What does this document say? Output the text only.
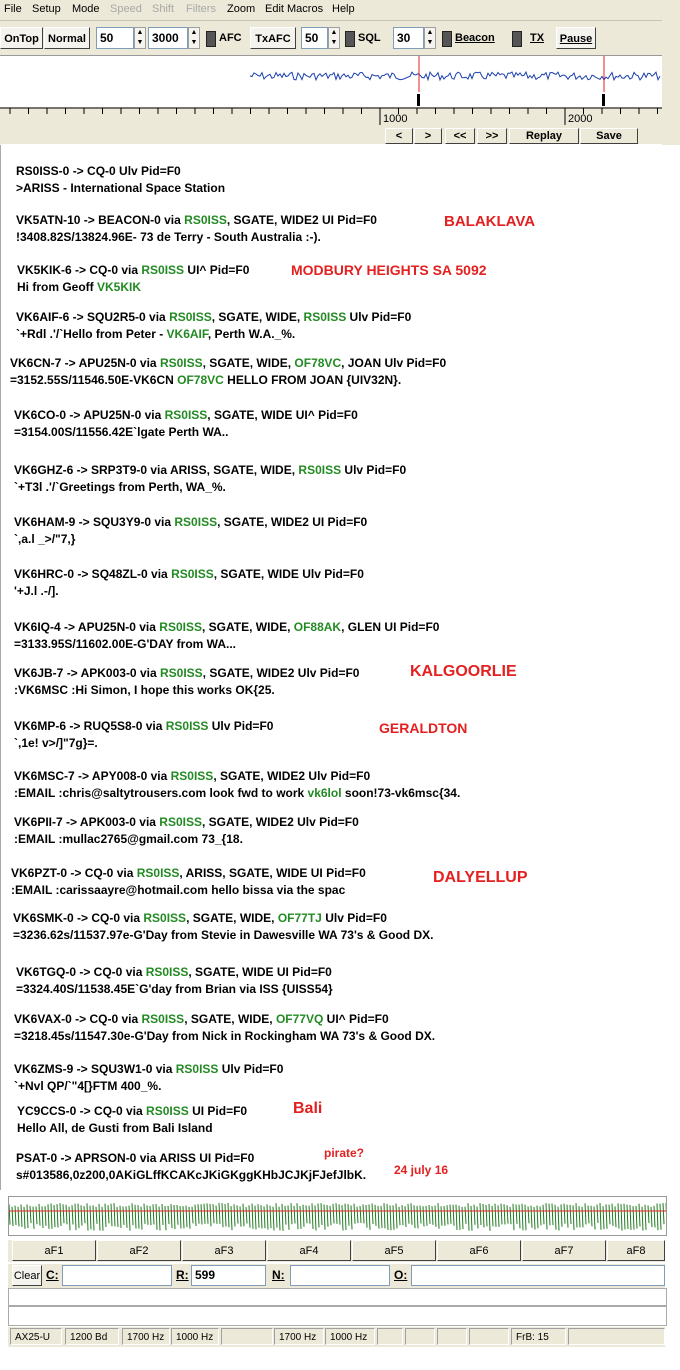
File Setup Mode Speed Shift Filters Zoom Edit Macros Help
OnTop Normal	50	▲
▼ 3000	▲
▼ AFC	TxAFC	50	▲
▼ SQL	30	▲
▼ Beacon	TX	Pause
1000	2000
<	>	<<	>>	Replay	Save
RS0ISS-0 -> CQ-0 Ulv Pid=F0
>ARISS - International Space Station
VK5ATN-10 -> BEACON-0 via RS0ISS, SGATE, WIDE2 UI Pid=F0
!3408.82S/13824.96E- 73 de Terry - South Australia :-).
VK5KIK-6 -> CQ-0 via RS0ISS UI^ Pid=F0
Hi from Geoff VK5KIK
VK6AIF-6 -> SQU2R5-0 via RS0ISS, SGATE, WIDE, RS0ISS Ulv Pid=F0
`+Rdl .'/`Hello from Peter - VK6AIF, Perth W.A._%.
VK6CN-7 -> APU25N-0 via RS0ISS, SGATE, WIDE, OF78VC, JOAN Ulv Pid=F0
=3152.55S/11546.50E-VK6CN OF78VC HELLO FROM JOAN {UIV32N}.
VK6CO-0 -> APU25N-0 via RS0ISS, SGATE, WIDE UI^ Pid=F0
=3154.00S/11556.42E`lgate Perth WA..
VK6GHZ-6 -> SRP3T9-0 via ARISS, SGATE, WIDE, RS0ISS Ulv Pid=F0
`+T3l .'/`Greetings from Perth, WA_%.
VK6HAM-9 -> SQU3Y9-0 via RS0ISS, SGATE, WIDE2 UI Pid=F0
`,a.l _>/"7,}
VK6HRC-0 -> SQ48ZL-0 via RS0ISS, SGATE, WIDE Ulv Pid=F0
'+J.l .-/].
VK6IQ-4 -> APU25N-0 via RS0ISS, SGATE, WIDE, OF88AK, GLEN UI Pid=F0
=3133.95S/11602.00E-G'DAY from WA...
VK6JB-7 -> APK003-0 via RS0ISS, SGATE, WIDE2 Ulv Pid=F0
:VK6MSC :Hi Simon, I hope this works OK{25.
VK6MP-6 -> RUQ5S8-0 via RS0ISS Ulv Pid=F0
`,1e! v>/]"7g}=.
VK6MSC-7 -> APY008-0 via RS0ISS, SGATE, WIDE2 Ulv Pid=F0
:EMAIL :chris@saltytrousers.com look fwd to work vk6lol soon!73-vk6msc{34.
VK6PII-7 -> APK003-0 via RS0ISS, SGATE, WIDE2 Ulv Pid=F0
:EMAIL :mullac2765@gmail.com 73_{18.
VK6PZT-0 -> CQ-0 via RS0ISS, ARISS, SGATE, WIDE UI Pid=F0
:EMAIL :carissaayre@hotmail.com hello bissa via the spac
VK6SMK-0 -> CQ-0 via RS0ISS, SGATE, WIDE, OF77TJ Ulv Pid=F0
=3236.62s/11537.97e-G'Day from Stevie in Dawesville WA 73's & Good DX.
VK6TGQ-0 -> CQ-0 via RS0ISS, SGATE, WIDE UI Pid=F0
=3324.40S/11538.45E`G'day from Brian via ISS {UISS54}
VK6VAX-0 -> CQ-0 via RS0ISS, SGATE, WIDE, OF77VQ UI^ Pid=F0
=3218.45s/11547.30e-G'Day from Nick in Rockingham WA 73's & Good DX.
VK6ZMS-9 -> SQU3W1-0 via RS0ISS Ulv Pid=F0
`+Nvl QP/`"4[}FTM 400_%.
YC9CCS-0 -> CQ-0 via RS0ISS UI Pid=F0
Hello All, de Gusti from Bali Island
PSAT-0 -> APRSON-0 via ARISS UI Pid=F0
s#013586,0z200,0AKiGLffKCAKcJKiGKggKHbJCJKjFJefJlbK.
BALAKLAVA
MODBURY HEIGHTS SA 5092
KALGOORLIE
GERALDTON
DALYELLUP
Bali
pirate?
24 july 16
aF1	aF2	aF3	aF4	aF5	aF6	aF7	aF8
Clear C:	R: 599	N:	O:
AX25-U	1200 Bd	1700 Hz	1000 Hz	1700 Hz	1000 Hz	FrB: 15
